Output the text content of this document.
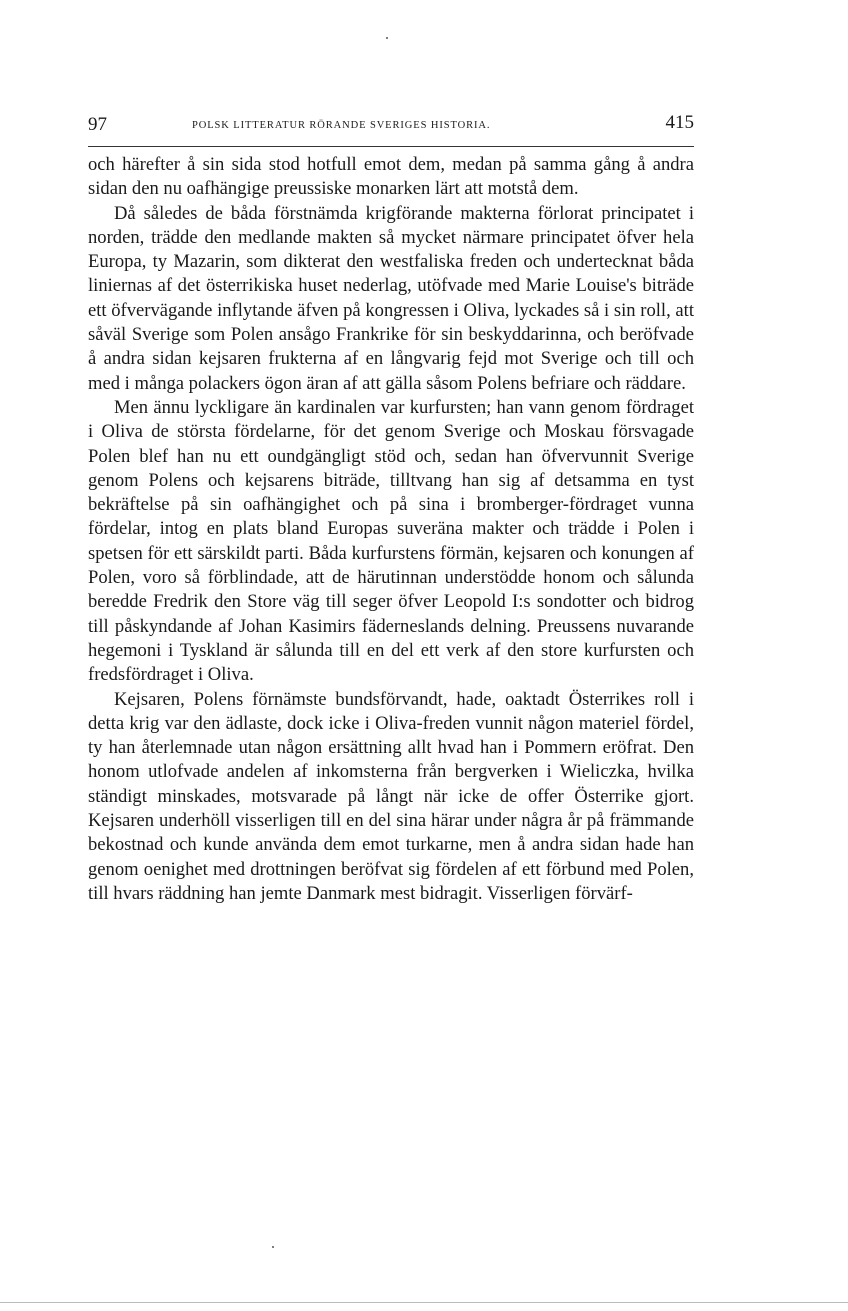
97	POLSK LITTERATUR RÖRANDE SVERIGES HISTORIA.	415

och härefter å sin sida stod hotfull emot dem, medan på samma gång å andra sidan den nu oafhängige preussiske monarken lärt att motstå dem.

Då således de båda förstnämda krigförande makterna förlorat principatet i norden, trädde den medlande makten så mycket närmare principatet öfver hela Europa, ty Mazarin, som dikterat den westfaliska freden och undertecknat båda liniernas af det österrikiska huset nederlag, utöfvade med Marie Louise's biträde ett öfvervägande inflytande äfven på kongressen i Oliva, lyckades så i sin roll, att såväl Sverige som Polen ansågo Frankrike för sin beskyddarinna, och beröfvade å andra sidan kejsaren frukterna af en långvarig fejd mot Sverige och till och med i många polackers ögon äran af att gälla såsom Polens befriare och räddare.

Men ännu lyckligare än kardinalen var kurfursten; han vann genom fördraget i Oliva de största fördelarne, för det genom Sverige och Moskau försvagade Polen blef han nu ett oundgängligt stöd och, sedan han öfvervunnit Sverige genom Polens och kejsarens biträde, tilltvang han sig af detsamma en tyst bekräftelse på sin oafhängighet och på sina i bromberger-fördraget vunna fördelar, intog en plats bland Europas suveräna makter och trädde i Polen i spetsen för ett särskildt parti. Båda kurfurstens förmän, kejsaren och konungen af Polen, voro så förblindade, att de härutinnan understödde honom och sålunda beredde Fredrik den Store väg till seger öfver Leopold I:s sondotter och bidrog till påskyndande af Johan Kasimirs fäderneslands delning. Preussens nuvarande hegemoni i Tyskland är sålunda till en del ett verk af den store kurfursten och fredsfördraget i Oliva.

Kejsaren, Polens förnämste bundsförvandt, hade, oaktadt Österrikes roll i detta krig var den ädlaste, dock icke i Oliva-freden vunnit någon materiel fördel, ty han återlemnade utan någon ersättning allt hvad han i Pommern eröfrat. Den honom utlofvade andelen af inkomsterna från bergverken i Wieliczka, hvilka ständigt minskades, motsvarade på långt när icke de offer Österrike gjort. Kejsaren underhöll visserligen till en del sina härar under några år på främmande bekostnad och kunde använda dem emot turkarne, men å andra sidan hade han genom oenighet med drottningen beröfvat sig fördelen af ett förbund med Polen, till hvars räddning han jemte Danmark mest bidragit. Visserligen förvärf-
